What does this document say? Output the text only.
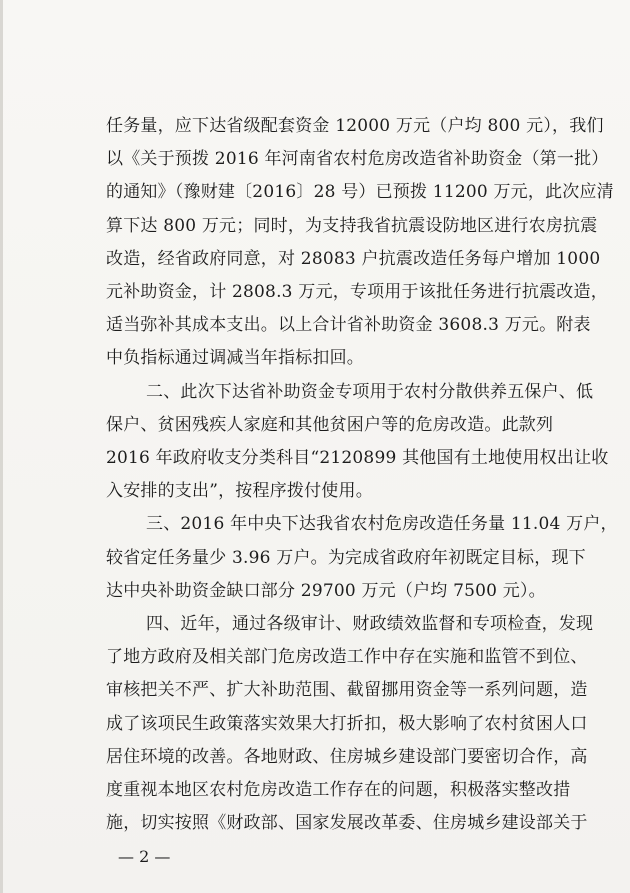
任务量，应下达省级配套资金 12000 万元（户均 800 元），我们
以《关于预拨 2016 年河南省农村危房改造省补助资金（第一批）
的通知》（豫财建〔2016〕28 号）已预拨 11200 万元，此次应清
算下达 800 万元；同时，为支持我省抗震设防地区进行农房抗震
改造，经省政府同意，对 28083 户抗震改造任务每户增加 1000
元补助资金，计 2808.3 万元，专项用于该批任务进行抗震改造，
适当弥补其成本支出。以上合计省补助资金 3608.3 万元。附表
中负指标通过调减当年指标扣回。
二、此次下达省补助资金专项用于农村分散供养五保户、低
保户、贫困残疾人家庭和其他贫困户等的危房改造。此款列
2016 年政府收支分类科目“2120899 其他国有土地使用权出让收
入安排的支出”，按程序拨付使用。
三、2016 年中央下达我省农村危房改造任务量 11.04 万户，
较省定任务量少 3.96 万户。为完成省政府年初既定目标，现下
达中央补助资金缺口部分 29700 万元（户均 7500 元）。
四、近年，通过各级审计、财政绩效监督和专项检查，发现
了地方政府及相关部门危房改造工作中存在实施和监管不到位、
审核把关不严、扩大补助范围、截留挪用资金等一系列问题，造
成了该项民生政策落实效果大打折扣，极大影响了农村贫困人口
居住环境的改善。各地财政、住房城乡建设部门要密切合作，高
度重视本地区农村危房改造工作存在的问题，积极落实整改措
施，切实按照《财政部、国家发展改革委、住房城乡建设部关于
— 2 —
